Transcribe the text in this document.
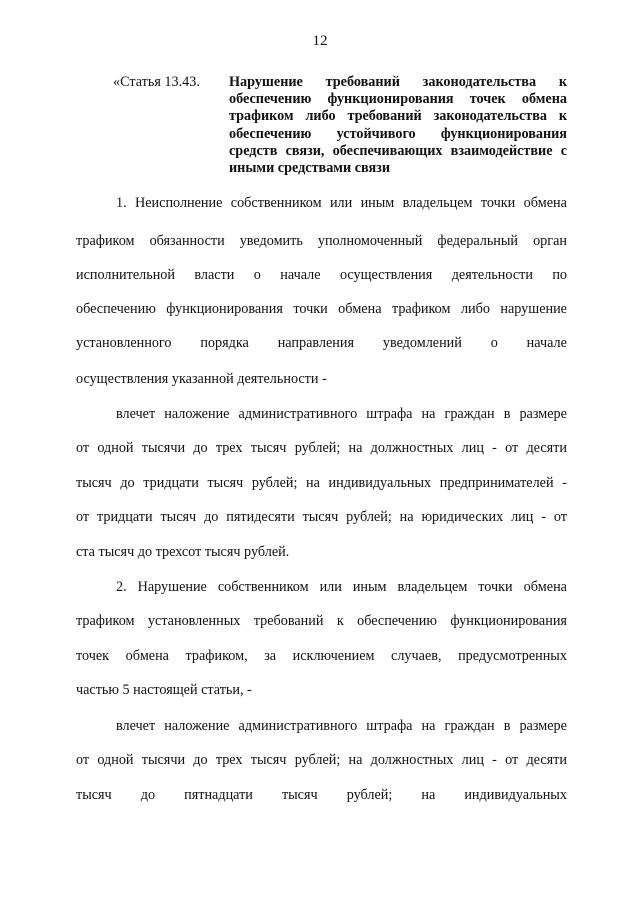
12
«Статья 13.43.	Нарушение требований законодательства к обеспечению функционирования точек обмена трафиком либо требований законодательства к обеспечению устойчивого функционирования средств связи, обеспечивающих взаимодействие с иными средствами связи
1. Неисполнение собственником или иным владельцем точки обмена
трафиком обязанности уведомить уполномоченный федеральный орган
исполнительной власти о начале осуществления деятельности по
обеспечению функционирования точки обмена трафиком либо нарушение
установленного порядка направления уведомлений о начале
осуществления указанной деятельности -
влечет наложение административного штрафа на граждан в размере
от одной тысячи до трех тысяч рублей; на должностных лиц - от десяти
тысяч до тридцати тысяч рублей; на индивидуальных предпринимателей -
от тридцати тысяч до пятидесяти тысяч рублей; на юридических лиц - от
ста тысяч до трехсот тысяч рублей.
2. Нарушение собственником или иным владельцем точки обмена
трафиком установленных требований к обеспечению функционирования
точек обмена трафиком, за исключением случаев, предусмотренных
частью 5 настоящей статьи, -
влечет наложение административного штрафа на граждан в размере
от одной тысячи до трех тысяч рублей; на должностных лиц - от десяти
тысяч до пятнадцати тысяч рублей; на индивидуальных
